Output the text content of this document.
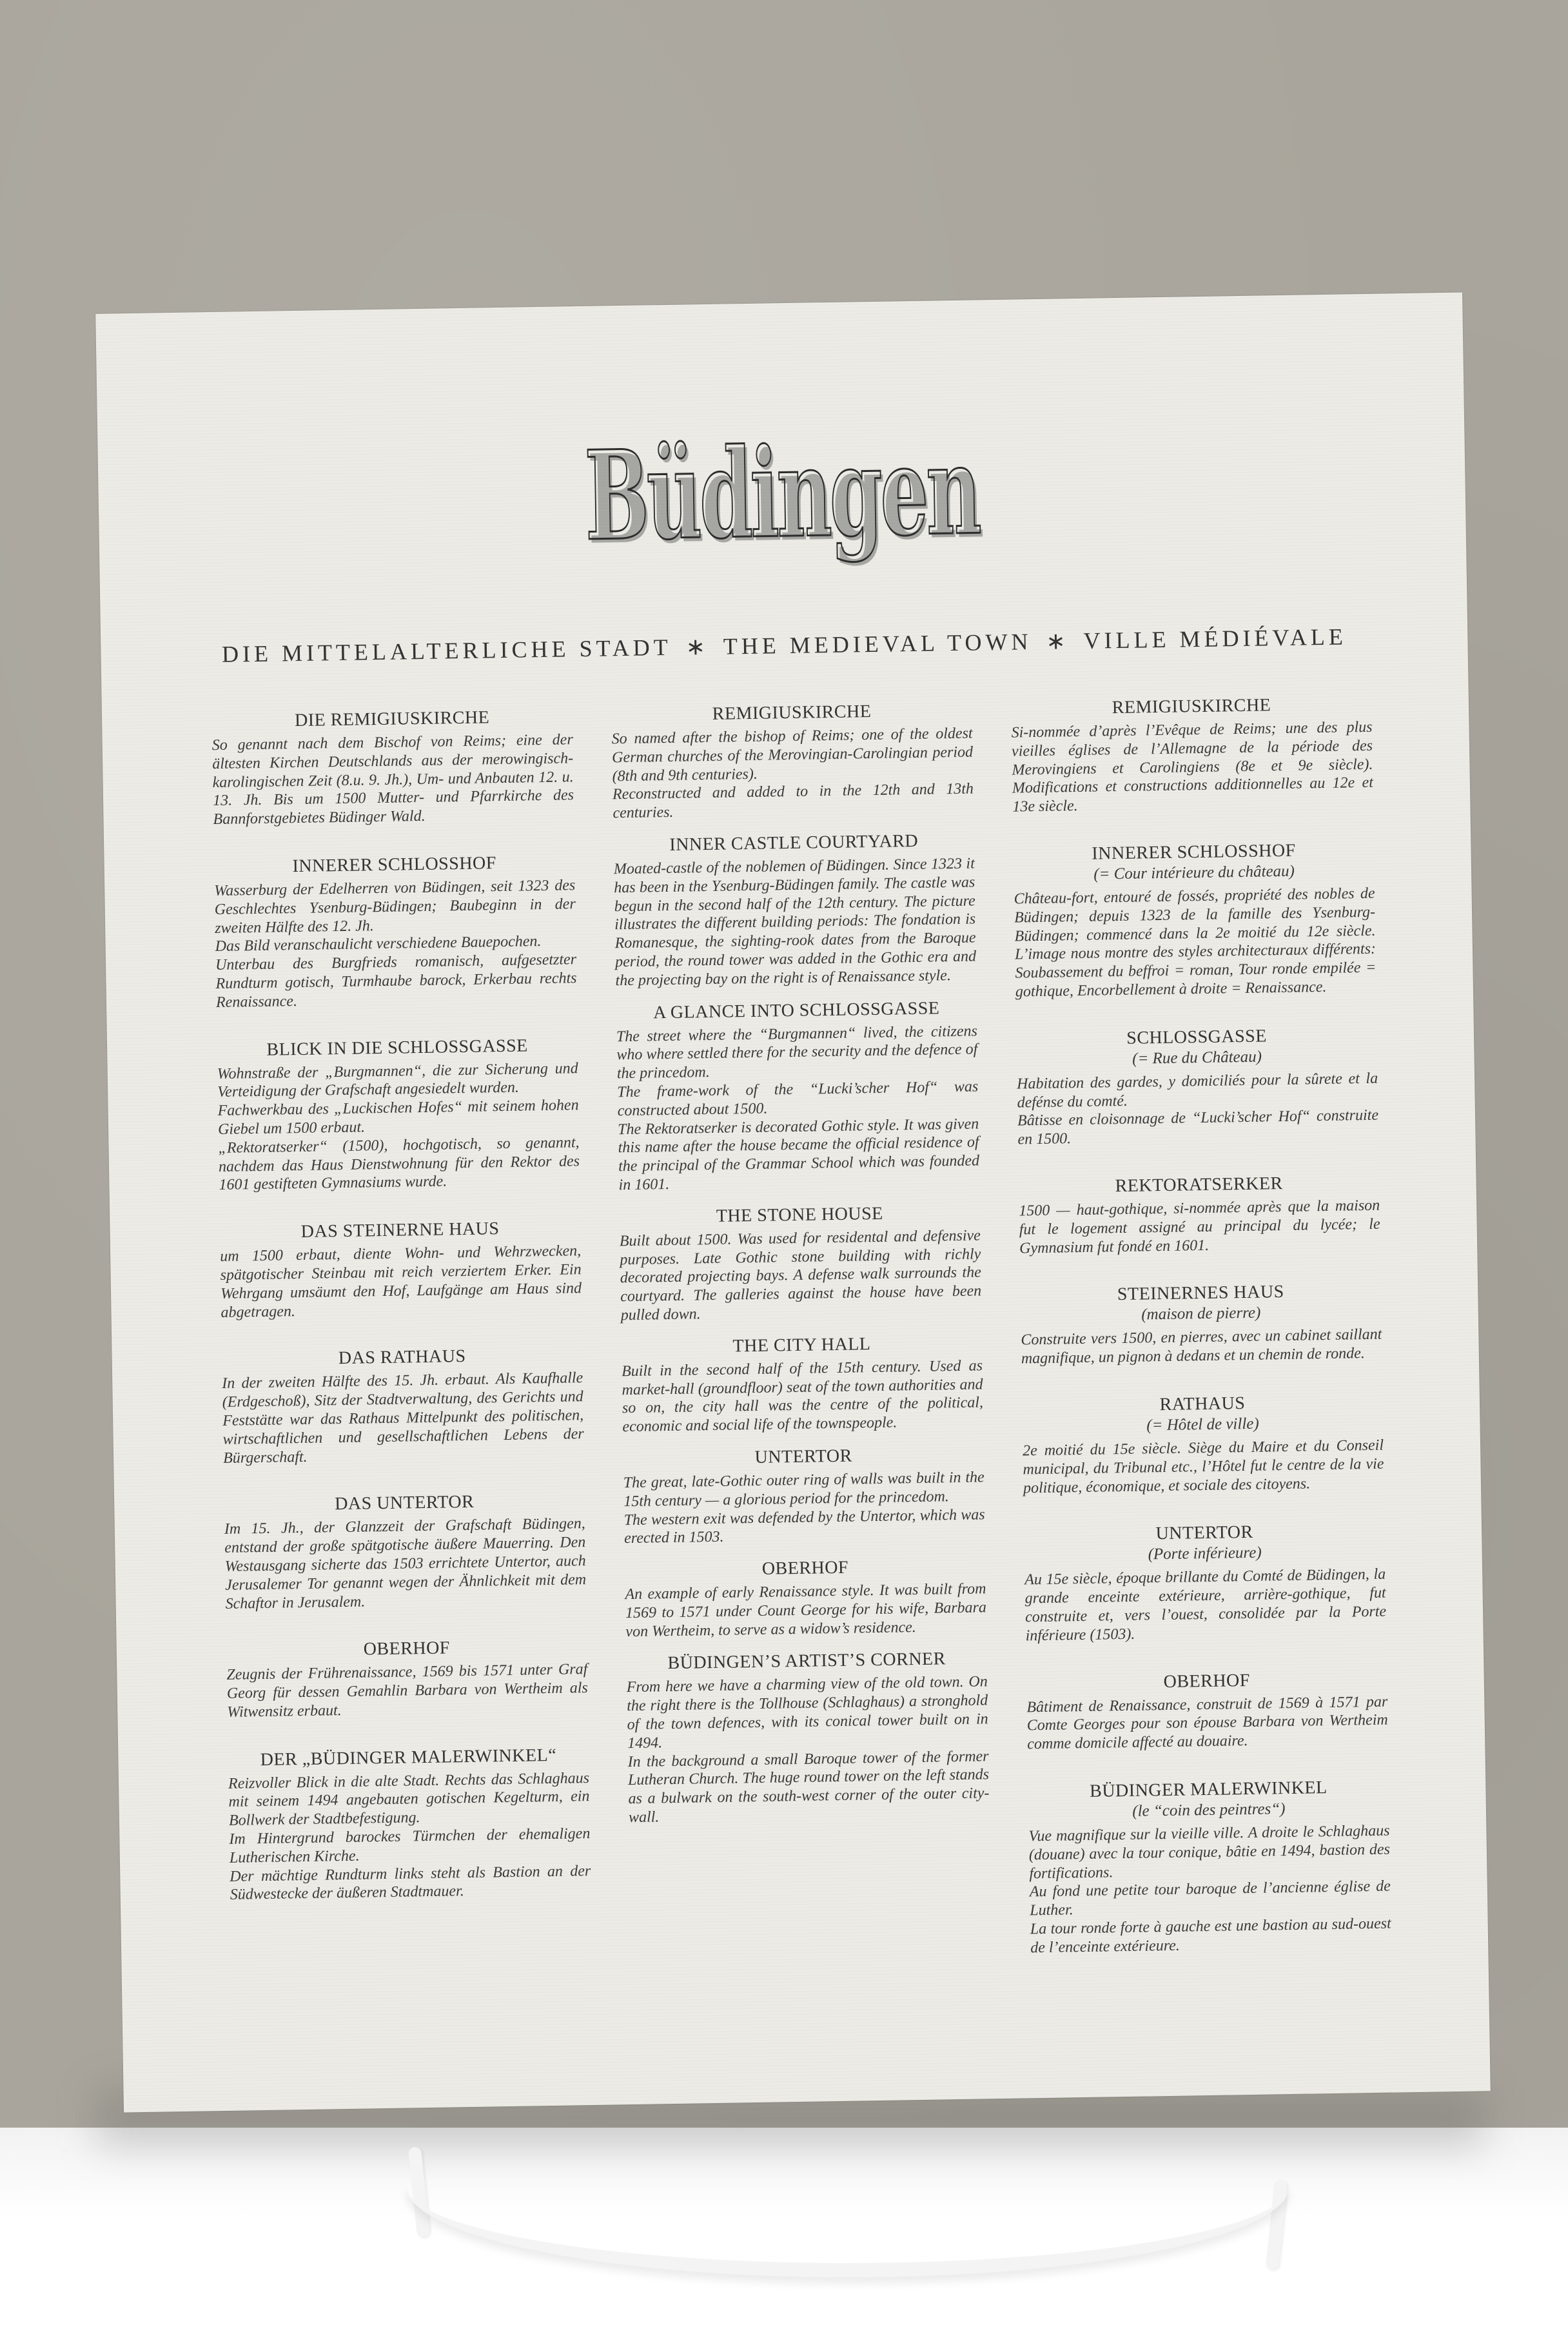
Büdingen
DIE MITTELALTERLICHE STADT ∗ THE MEDIEVAL TOWN ∗ VILLE MÉDIÉVALE
DIE REMIGIUSKIRCHE

So genannt nach dem Bischof von Reims; eine der ältesten Kirchen Deutschlands aus der merowingisch-karolingischen Zeit (8.u. 9. Jh.), Um- und Anbauten 12. u. 13. Jh. Bis um 1500 Mutter- und Pfarrkirche des Bannforstgebietes Büdinger Wald.

INNERER SCHLOSSHOF

Wasserburg der Edelherren von Büdingen, seit 1323 des Geschlechtes Ysenburg-Büdingen; Baubeginn in der zweiten Hälfte des 12. Jh.
Das Bild veranschaulicht verschiedene Bauepochen.
Unterbau des Burgfrieds romanisch, aufgesetzter Rundturm gotisch, Turmhaube barock, Erkerbau rechts Renaissance.

BLICK IN DIE SCHLOSSGASSE

Wohnstraße der „Burgmannen“, die zur Sicherung und Verteidigung der Grafschaft angesiedelt wurden.
Fachwerkbau des „Luckischen Hofes“ mit seinem hohen Giebel um 1500 erbaut.
„Rektoratserker“ (1500), hochgotisch, so genannt, nachdem das Haus Dienstwohnung für den Rektor des 1601 gestifteten Gymnasiums wurde.

DAS STEINERNE HAUS

um 1500 erbaut, diente Wohn- und Wehrzwecken, spätgotischer Steinbau mit reich verziertem Erker. Ein Wehrgang umsäumt den Hof, Laufgänge am Haus sind abgetragen.

DAS RATHAUS

In der zweiten Hälfte des 15. Jh. erbaut. Als Kaufhalle (Erdgeschoß), Sitz der Stadtverwaltung, des Gerichts und Feststätte war das Rathaus Mittelpunkt des politischen, wirtschaftlichen und gesellschaftlichen Lebens der Bürgerschaft.

DAS UNTERTOR

Im 15. Jh., der Glanzzeit der Grafschaft Büdingen, entstand der große spätgotische äußere Mauerring. Den Westausgang sicherte das 1503 errichtete Untertor, auch Jerusalemer Tor genannt wegen der Ähnlichkeit mit dem Schaftor in Jerusalem.

OBERHOF

Zeugnis der Frührenaissance, 1569 bis 1571 unter Graf Georg für dessen Gemahlin Barbara von Wertheim als Witwensitz erbaut.

DER „BÜDINGER MALERWINKEL“

Reizvoller Blick in die alte Stadt. Rechts das Schlaghaus mit seinem 1494 angebauten gotischen Kegelturm, ein Bollwerk der Stadtbefestigung.
Im Hintergrund barockes Türmchen der ehemaligen Lutherischen Kirche.
Der mächtige Rundturm links steht als Bastion an der Südwestecke der äußeren Stadtmauer.

REMIGIUSKIRCHE

So named after the bishop of Reims; one of the oldest German churches of the Merovingian-Carolingian period (8th and 9th centuries).
Reconstructed and added to in the 12th and 13th centuries.

INNER CASTLE COURTYARD

Moated-castle of the noblemen of Büdingen. Since 1323 it has been in the Ysenburg-Büdingen family. The castle was begun in the second half of the 12th century. The picture illustrates the different building periods: The fondation is Romanesque, the sighting-rook dates from the Baroque period, the round tower was added in the Gothic era and the projecting bay on the right is of Renaissance style.

A GLANCE INTO SCHLOSSGASSE

The street where the “Burgmannen“ lived, the citizens who where settled there for the security and the defence of the princedom.
The frame-work of the “Lucki’scher Hof“ was constructed about 1500.
The Rektoratserker is decorated Gothic style. It was given this name after the house became the official residence of the principal of the Grammar School which was founded in 1601.

THE STONE HOUSE

Built about 1500. Was used for residental and defensive purposes. Late Gothic stone building with richly decorated projecting bays. A defense walk surrounds the courtyard. The galleries against the house have been pulled down.

THE CITY HALL

Built in the second half of the 15th century. Used as market-hall (groundfloor) seat of the town authorities and so on, the city hall was the centre of the political, economic and social life of the townspeople.

UNTERTOR

The great, late-Gothic outer ring of walls was built in the 15th century — a glorious period for the princedom.
The western exit was defended by the Untertor, which was erected in 1503.

OBERHOF

An example of early Renaissance style. It was built from 1569 to 1571 under Count George for his wife, Barbara von Wertheim, to serve as a widow’s residence.

BÜDINGEN’S ARTIST’S CORNER

From here we have a charming view of the old town. On the right there is the Tollhouse (Schlaghaus) a stronghold of the town defences, with its conical tower built on in 1494.
In the background a small Baroque tower of the former Lutheran Church. The huge round tower on the left stands as a bulwark on the south-west corner of the outer city-wall.

REMIGIUSKIRCHE

Si-nommée d’après l’Evêque de Reims; une des plus vieilles églises de l’Allemagne de la période des Merovingiens et Carolingiens (8e et 9e siècle). Modifications et constructions additionnelles au 12e et 13e siècle.

INNERER SCHLOSSHOF
(= Cour intérieure du château)

Château-fort, entouré de fossés, propriété des nobles de Büdingen; depuis 1323 de la famille des Ysenburg-Büdingen; commencé dans la 2e moitié du 12e siècle. L’image nous montre des styles architecturaux différents: Soubassement du beffroi = roman, Tour ronde empilée = gothique, Encorbellement à droite = Renaissance.

SCHLOSSGASSE
(= Rue du Château)

Habitation des gardes, y domiciliés pour la sûrete et la defénse du comté.
Bâtisse en cloisonnage de “Lucki’scher Hof“ construite en 1500.

REKTORATSERKER

1500 — haut-gothique, si-nommée après que la maison fut le logement assigné au principal du lycée; le Gymnasium fut fondé en 1601.

STEINERNES HAUS
(maison de pierre)

Construite vers 1500, en pierres, avec un cabinet saillant magnifique, un pignon à dedans et un chemin de ronde.

RATHAUS
(= Hôtel de ville)

2e moitié du 15e siècle. Siège du Maire et du Conseil municipal, du Tribunal etc., l’Hôtel fut le centre de la vie politique, économique, et sociale des citoyens.

UNTERTOR
(Porte inférieure)

Au 15e siècle, époque brillante du Comté de Büdingen, la grande enceinte extérieure, arrière-gothique, fut construite et, vers l’ouest, consolidée par la Porte inférieure (1503).

OBERHOF

Bâtiment de Renaissance, construit de 1569 à 1571 par Comte Georges pour son épouse Barbara von Wertheim comme domicile affecté au douaire.

BÜDINGER MALERWINKEL
(le “coin des peintres“)

Vue magnifique sur la vieille ville. A droite le Schlaghaus (douane) avec la tour conique, bâtie en 1494, bastion des fortifications.
Au fond une petite tour baroque de l’ancienne église de Luther.
La tour ronde forte à gauche est une bastion au sud-ouest de l’enceinte extérieure.
